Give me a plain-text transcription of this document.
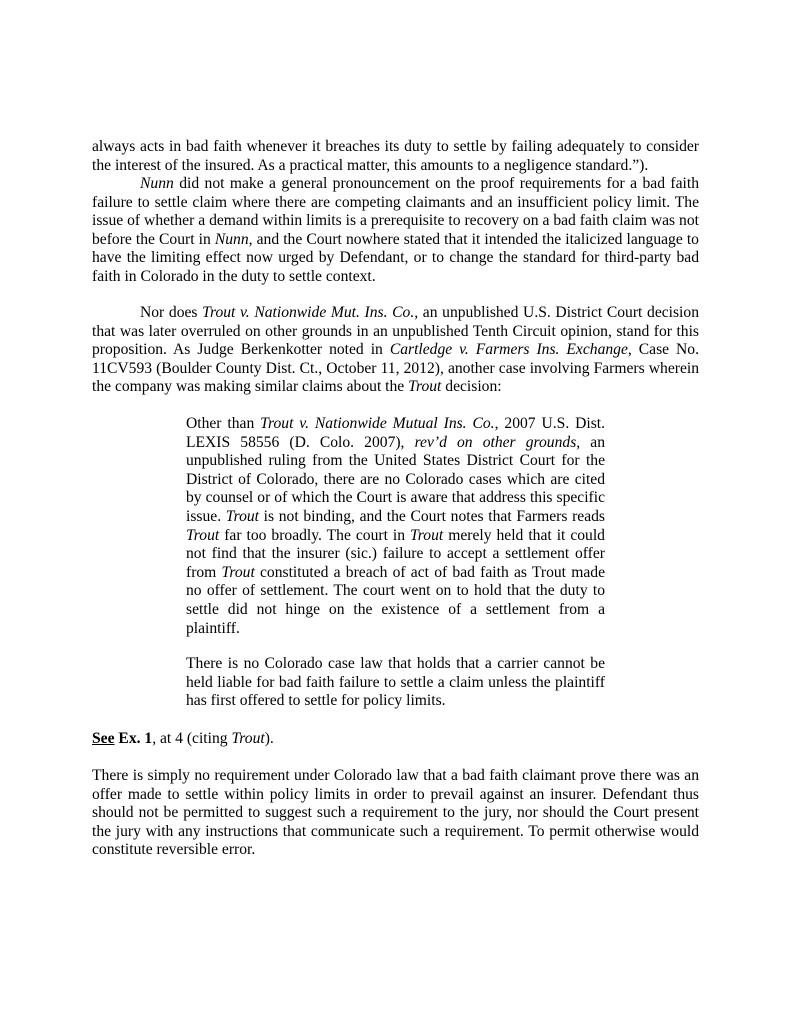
always acts in bad faith whenever it breaches its duty to settle by failing adequately to consider the interest of the insured. As a practical matter, this amounts to a negligence standard.”).

Nunn did not make a general pronouncement on the proof requirements for a bad faith failure to settle claim where there are competing claimants and an insufficient policy limit. The issue of whether a demand within limits is a prerequisite to recovery on a bad faith claim was not before the Court in Nunn, and the Court nowhere stated that it intended the italicized language to have the limiting effect now urged by Defendant, or to change the standard for third-party bad faith in Colorado in the duty to settle context.

Nor does Trout v. Nationwide Mut. Ins. Co., an unpublished U.S. District Court decision that was later overruled on other grounds in an unpublished Tenth Circuit opinion, stand for this proposition. As Judge Berkenkotter noted in Cartledge v. Farmers Ins. Exchange, Case No. 11CV593 (Boulder County Dist. Ct., October 11, 2012), another case involving Farmers wherein the company was making similar claims about the Trout decision:

Other than Trout v. Nationwide Mutual Ins. Co., 2007 U.S. Dist. LEXIS 58556 (D. Colo. 2007), rev’d on other grounds, an unpublished ruling from the United States District Court for the District of Colorado, there are no Colorado cases which are cited by counsel or of which the Court is aware that address this specific issue. Trout is not binding, and the Court notes that Farmers reads Trout far too broadly. The court in Trout merely held that it could not find that the insurer (sic.) failure to accept a settlement offer from Trout constituted a breach of act of bad faith as Trout made no offer of settlement. The court went on to hold that the duty to settle did not hinge on the existence of a settlement from a plaintiff.

There is no Colorado case law that holds that a carrier cannot be held liable for bad faith failure to settle a claim unless the plaintiff has first offered to settle for policy limits.

See Ex. 1, at 4 (citing Trout).

There is simply no requirement under Colorado law that a bad faith claimant prove there was an offer made to settle within policy limits in order to prevail against an insurer. Defendant thus should not be permitted to suggest such a requirement to the jury, nor should the Court present the jury with any instructions that communicate such a requirement. To permit otherwise would constitute reversible error.
